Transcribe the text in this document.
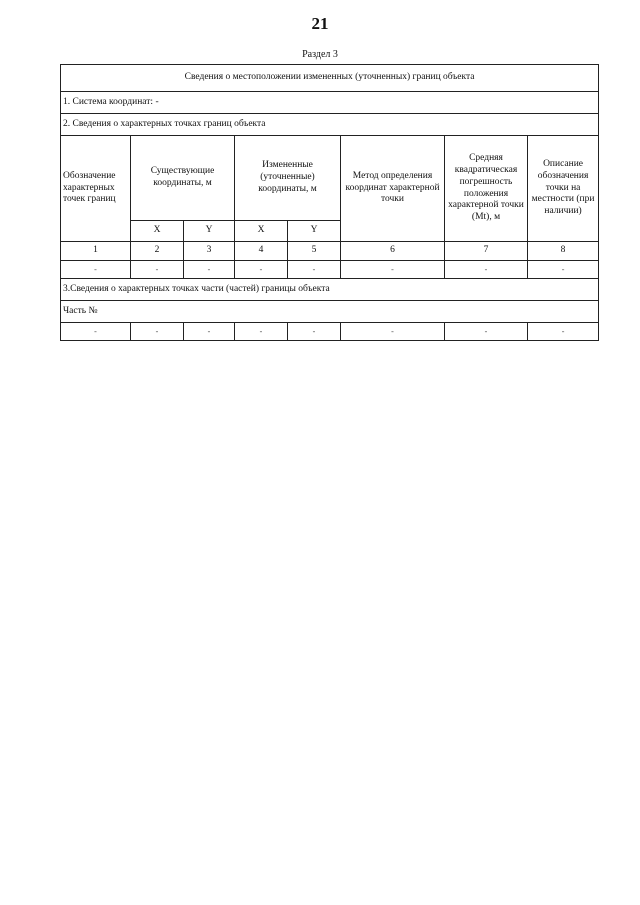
21
Раздел 3
Сведения о местоположении измененных (уточненных) границ объекта							
1. Система координат: -							
2. Сведения о характерных точках границ объекта							
Обозначение характерных точек границ	Существующие координаты, м		Измененные (уточненные) координаты, м		Метод определения координат характерной точки	Средняя квадратическая погрешность положения характерной точки (Mt), м	Описание обозначения точки на местности (при наличии)
	X	Y	X	Y			
1	2	3	4	5	6	7	8
-	-	-	-	-	-	-	-
3.Сведения о характерных точках части (частей) границы объекта							
Часть №							
-	-	-	-	-	-	-	-
